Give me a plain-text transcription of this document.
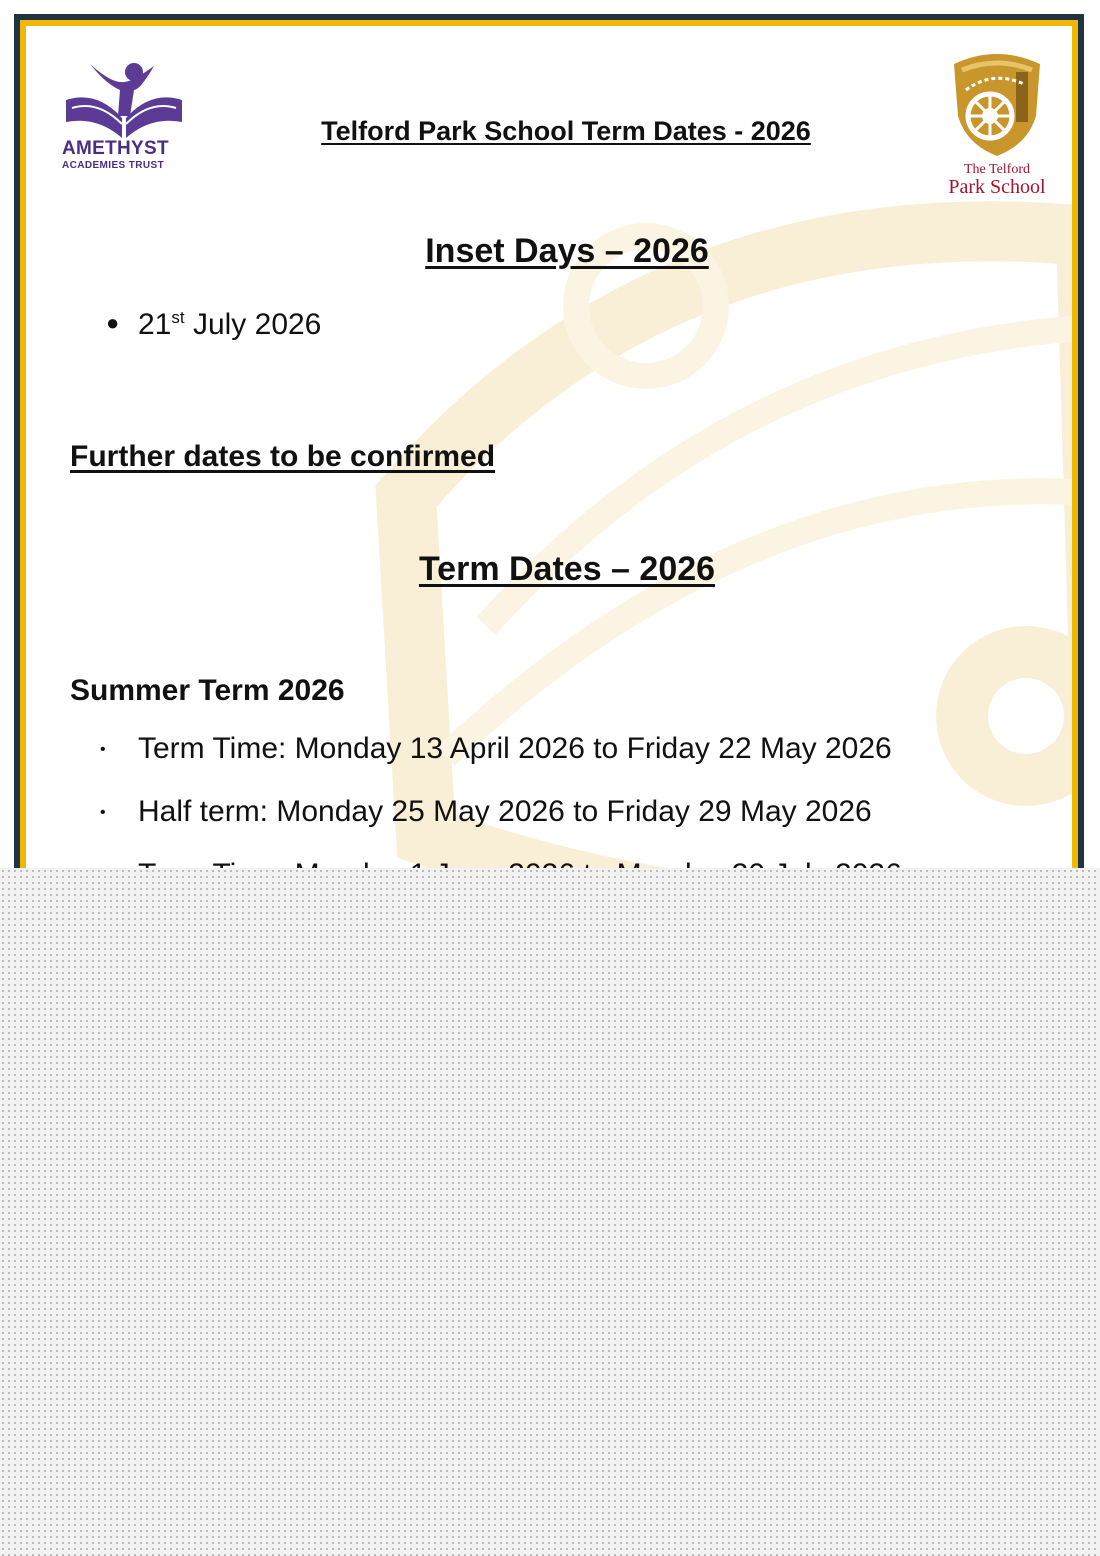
AMETHYST
ACADEMIES TRUST
Telford Park School Term Dates - 2026
The Telford
Park School
Inset Days – 2026
● 21st July 2026
Further dates to be confirmed
Term Dates – 2026
Summer Term 2026
• Term Time: Monday 13 April 2026 to Friday 22 May 2026
• Half term: Monday 25 May 2026 to Friday 29 May 2026
